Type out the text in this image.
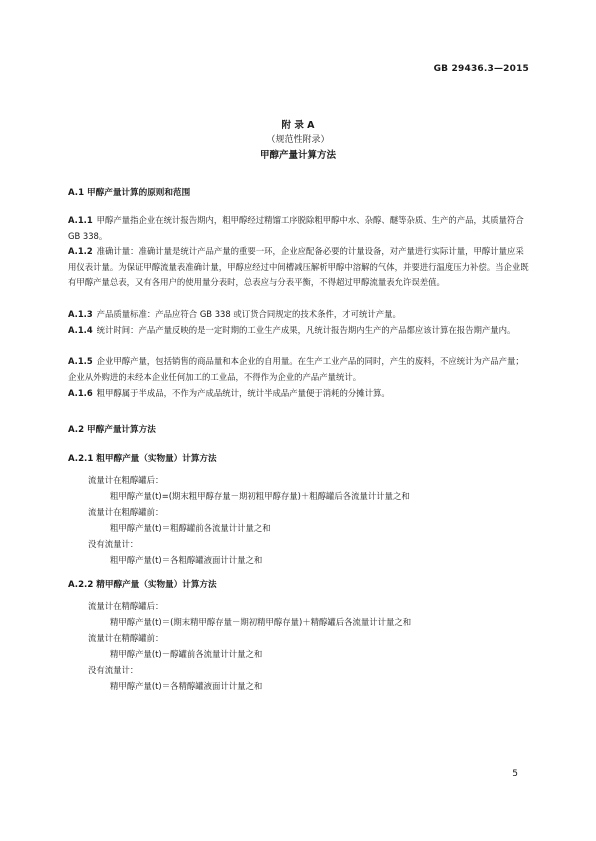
GB 29436.3—2015
附 录 A
（规范性附录）
甲醇产量计算方法
A.1 甲醇产量计算的原则和范围
A.1.1 甲醇产量指企业在统计报告期内，粗甲醇经过精馏工序脱除粗甲醇中水、杂醇、醚等杂质、生产的产品，其质量符合 GB 338。
A.1.2 准确计量：准确计量是统计产品产量的重要一环，企业应配备必要的计量设备，对产量进行实际计量，甲醇计量应采用仪表计量。为保证甲醇流量表准确计量，甲醇应经过中间槽减压解析甲醇中溶解的气体，并要进行温度压力补偿。当企业既有甲醇产量总表，又有各用户的使用量分表时，总表应与分表平衡，不得超过甲醇流量表允许误差值。
A.1.3 产品质量标准：产品应符合 GB 338 或订货合同规定的技术条件，才可统计产量。
A.1.4 统计时间：产品产量反映的是一定时期的工业生产成果，凡统计报告期内生产的产品都应该计算在报告期产量内。
A.1.5 企业甲醇产量，包括销售的商品量和本企业的自用量。在生产工业产品的同时，产生的废料，不应统计为产品产量；企业从外购进的未经本企业任何加工的工业品，不得作为企业的产品产量统计。
A.1.6 粗甲醇属于半成品，不作为产成品统计，统计半成品产量便于消耗的分摊计算。
A.2 甲醇产量计算方法
A.2.1 粗甲醇产量（实物量）计算方法
流量计在粗醇罐后：
粗甲醇产量(t)=(期末粗甲醇存量－期初粗甲醇存量)＋粗醇罐后各流量计计量之和
流量计在粗醇罐前：
粗甲醇产量(t)＝粗醇罐前各流量计计量之和
没有流量计：
粗甲醇产量(t)＝各粗醇罐液面计计量之和
A.2.2 精甲醇产量（实物量）计算方法
流量计在精醇罐后：
精甲醇产量(t)＝(期末精甲醇存量－期初精甲醇存量)＋精醇罐后各流量计计量之和
流量计在精醇罐前：
精甲醇产量(t)－醇罐前各流量计计量之和
没有流量计：
精甲醇产量(t)＝各精醇罐液面计计量之和
5
